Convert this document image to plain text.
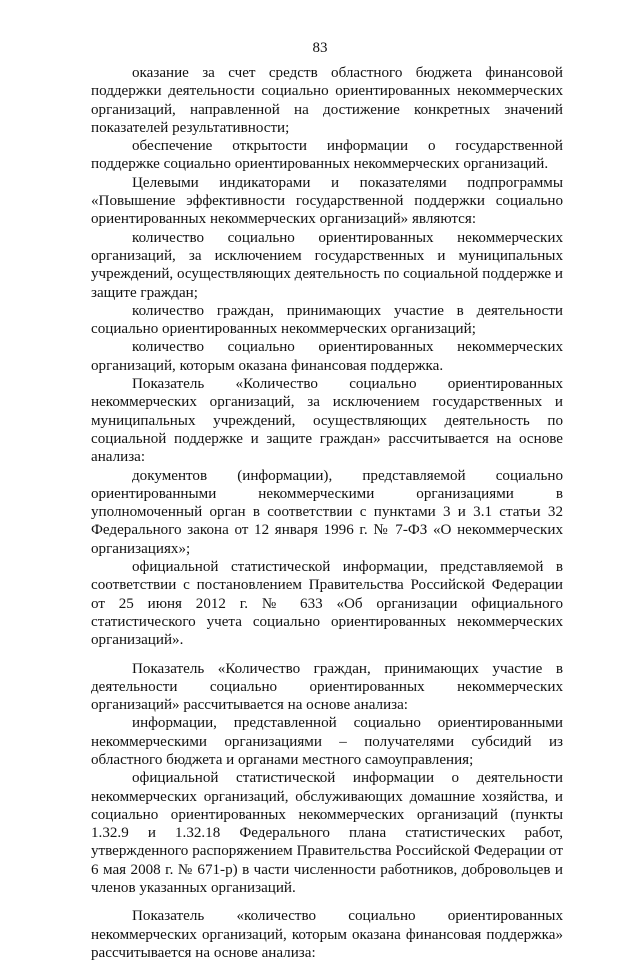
83

оказание за счет средств областного бюджета финансовой поддержки деятельности социально ориентированных некоммерческих организаций, направленной на достижение конкретных значений показателей результативности;

обеспечение открытости информации о государственной поддержке социально ориентированных некоммерческих организаций.

Целевыми индикаторами и показателями подпрограммы «Повышение эффективности государственной поддержки социально ориентированных некоммерческих организаций» являются:

количество социально ориентированных некоммерческих организаций, за исключением государственных и муниципальных учреждений, осуществляющих деятельность по социальной поддержке и защите граждан;

количество граждан, принимающих участие в деятельности социально ориентированных некоммерческих организаций;

количество социально ориентированных некоммерческих организаций, которым оказана финансовая поддержка.

Показатель «Количество социально ориентированных некоммерческих организаций, за исключением государственных и муниципальных учреждений, осуществляющих деятельность по социальной поддержке и защите граждан» рассчитывается на основе анализа:

документов (информации), представляемой социально ориентированными некоммерческими организациями в уполномоченный орган в соответствии с пунктами 3 и 3.1 статьи 32 Федерального закона от 12 января 1996 г. № 7-ФЗ «О некоммерческих организациях»;

официальной статистической информации, представляемой в соответствии с постановлением Правительства Российской Федерации от 25 июня 2012 г. № 633 «Об организации официального статистического учета социально ориентированных некоммерческих организаций».

Показатель «Количество граждан, принимающих участие в деятельности социально ориентированных некоммерческих организаций» рассчитывается на основе анализа:

информации, представленной социально ориентированными некоммерческими организациями – получателями субсидий из областного бюджета и органами местного самоуправления;

официальной статистической информации о деятельности некоммерческих организаций, обслуживающих домашние хозяйства, и социально ориентированных некоммерческих организаций (пункты 1.32.9 и 1.32.18 Федерального плана статистических работ, утвержденного распоряжением Правительства Российской Федерации от 6 мая 2008 г. № 671-р) в части численности работников, добровольцев и членов указанных организаций.

Показатель «количество социально ориентированных некоммерческих организаций, которым оказана финансовая поддержка» рассчитывается на основе анализа:
